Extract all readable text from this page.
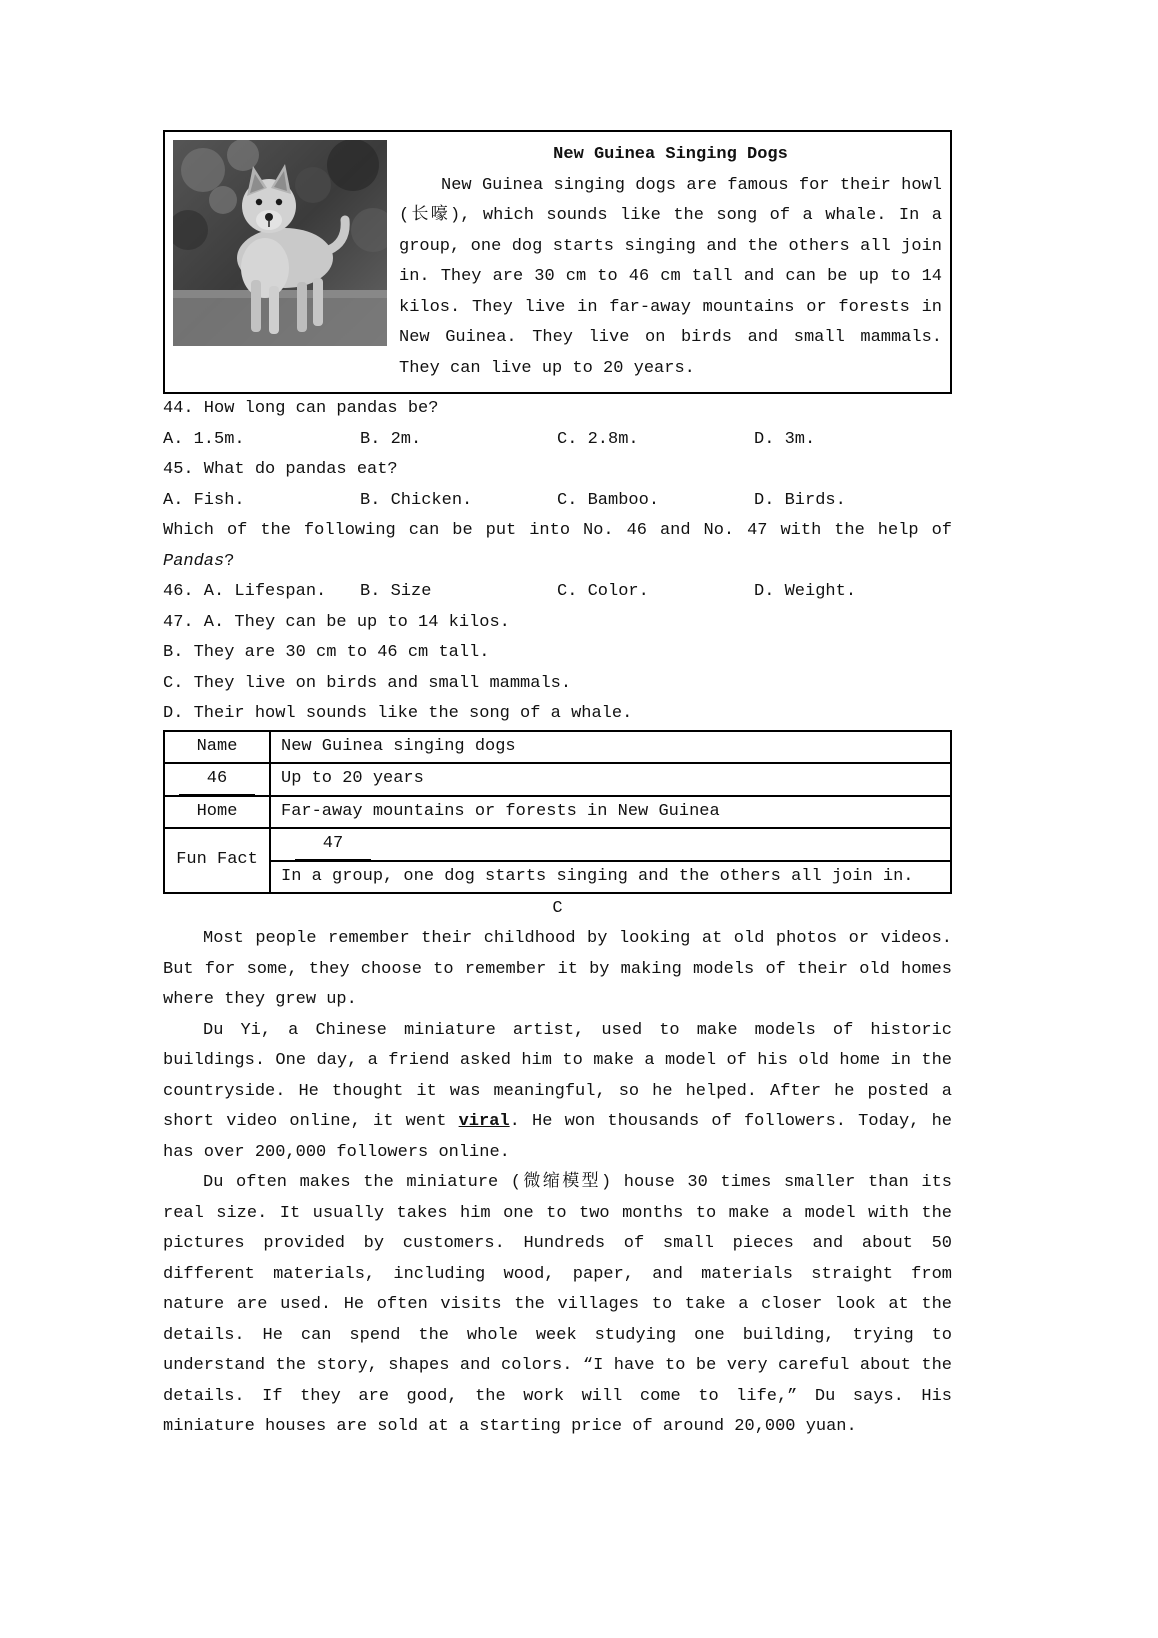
New Guinea Singing Dogs
New Guinea singing dogs are famous for their howl (长嚎), which sounds like the song of a whale. In a group, one dog starts singing and the others all join in. They are 30 cm to 46 cm tall and can be up to 14 kilos. They live in far-away mountains or forests in New Guinea. They live on birds and small mammals. They can live up to 20 years.
44. How long can pandas be?
A. 1.5m.	B. 2m.	C. 2.8m.	D. 3m.
45. What do pandas eat?
A. Fish.	B. Chicken.	C. Bamboo.	D. Birds.
Which of the following can be put into No. 46 and No. 47 with the help of
Pandas?
46. A. Lifespan.	B. Size	C. Color.	D. Weight.
47. A. They can be up to 14 kilos.
B. They are 30 cm to 46 cm tall.
C. They live on birds and small mammals.
D. Their howl sounds like the song of a whale.
Name	New Guinea singing dogs
46	Up to 20 years
Home	Far-away mountains or forests in New Guinea
Fun Fact	47
	In a group, one dog starts singing and the others all join in.
C
Most people remember their childhood by looking at old photos or videos. But for some, they choose to remember it by making models of their old homes where they grew up.
Du Yi, a Chinese miniature artist, used to make models of historic buildings. One day, a friend asked him to make a model of his old home in the countryside. He thought it was meaningful, so he helped. After he posted a short video online, it went viral. He won thousands of followers. Today, he has over 200,000 followers online.
Du often makes the miniature (微缩模型) house 30 times smaller than its real size. It usually takes him one to two months to make a model with the pictures provided by customers. Hundreds of small pieces and about 50 different materials, including wood, paper, and materials straight from nature are used. He often visits the villages to take a closer look at the details. He can spend the whole week studying one building, trying to understand the story, shapes and colors. “I have to be very careful about the details. If they are good, the work will come to life,” Du says. His miniature houses are sold at a starting price of around 20,000 yuan.
